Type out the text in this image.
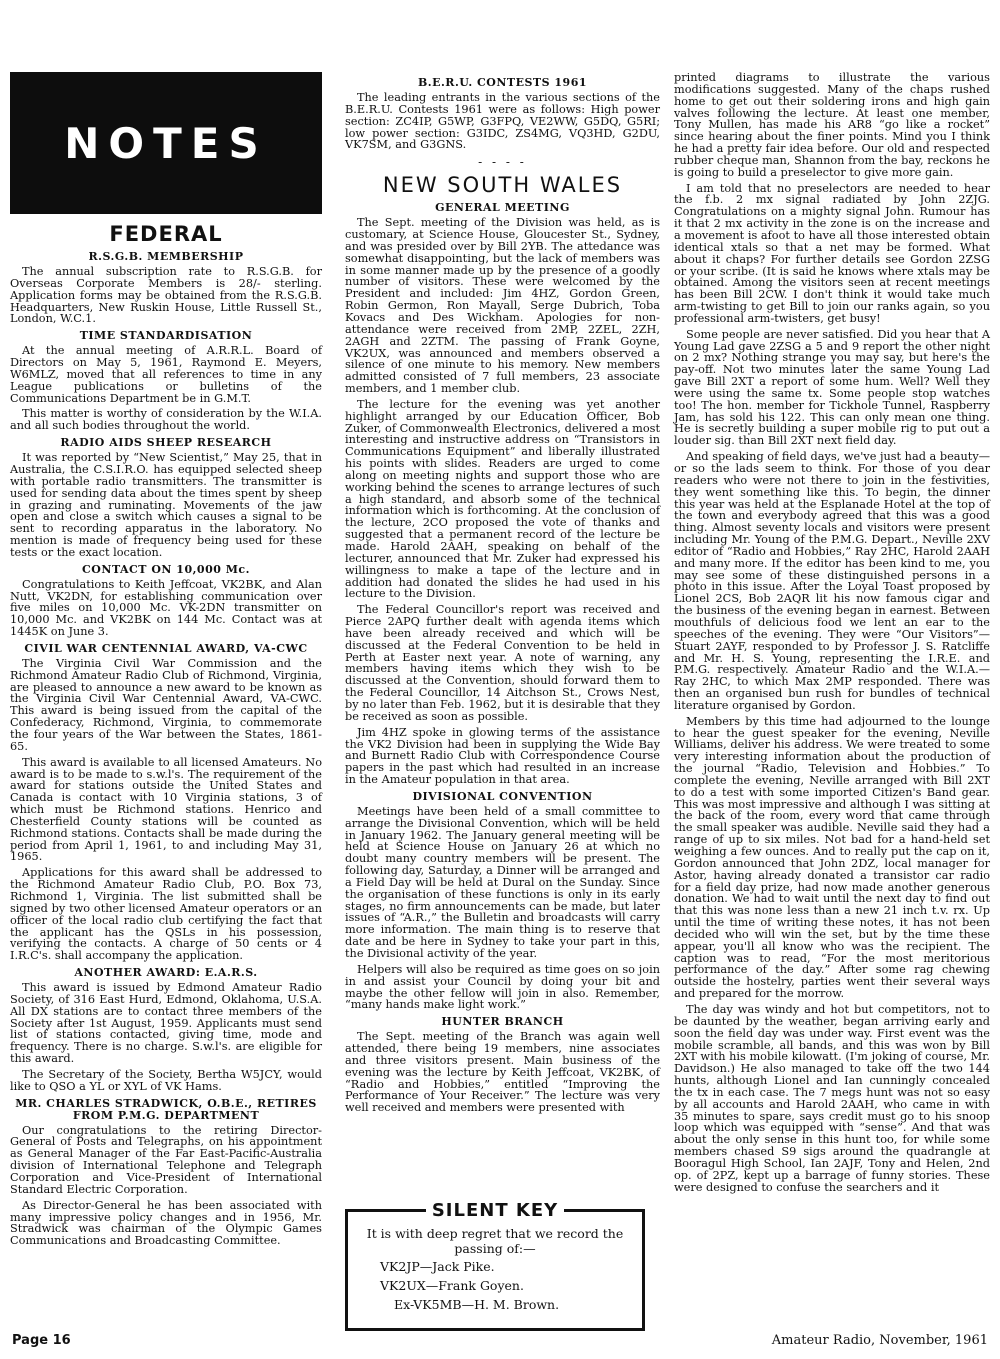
NOTES
FEDERAL
R.S.G.B. MEMBERSHIP

The annual subscription rate to R.S.G.B. for Overseas Corporate Members is 28/- sterling. Application forms may be obtained from the R.S.G.B. Headquarters, New Ruskin House, Little Russell St., London, W.C.1.

TIME STANDARDISATION

At the annual meeting of A.R.R.L. Board of Directors on May 5, 1961, Raymond E. Meyers, W6MLZ, moved that all references to time in any League publications or bulletins of the Communications Department be in G.M.T.

This matter is worthy of consideration by the W.I.A. and all such bodies throughout the world.

RADIO AIDS SHEEP RESEARCH

It was reported by “New Scientist,” May 25, that in Australia, the C.S.I.R.O. has equipped selected sheep with portable radio transmitters. The transmitter is used for sending data about the times spent by sheep in grazing and ruminating. Movements of the jaw open and close a switch which causes a signal to be sent to recording apparatus in the laboratory. No mention is made of frequency being used for these tests or the exact location.

CONTACT ON 10,000 Mc.

Congratulations to Keith Jeffcoat, VK2BK, and Alan Nutt, VK2DN, for establishing communication over five miles on 10,000 Mc. VK-2DN transmitter on 10,000 Mc. and VK2BK on 144 Mc. Contact was at 1445K on June 3.

CIVIL WAR CENTENNIAL AWARD, VA-CWC

The Virginia Civil War Commission and the Richmond Amateur Radio Club of Richmond, Virginia, are pleased to announce a new award to be known as the Virginia Civil War Centennial Award, VA-CWC. This award is being issued from the capital of the Confederacy, Richmond, Virginia, to commemorate the four years of the War between the States, 1861-65.

This award is available to all licensed Amateurs. No award is to be made to s.w.l's. The requirement of the award for stations outside the United States and Canada is contact with 10 Virginia stations, 3 of which must be Richmond stations. Henrico and Chesterfield County stations will be counted as Richmond stations. Contacts shall be made during the period from April 1, 1961, to and including May 31, 1965.

Applications for this award shall be addressed to the Richmond Amateur Radio Club, P.O. Box 73, Richmond 1, Virginia. The list submitted shall be signed by two other licensed Amateur operators or an officer of the local radio club certifying the fact that the applicant has the QSLs in his possession, verifying the contacts. A charge of 50 cents or 4 I.R.C's. shall accompany the application.

ANOTHER AWARD: E.A.R.S.

This award is issued by Edmond Amateur Radio Society, of 316 East Hurd, Edmond, Oklahoma, U.S.A. All DX stations are to contact three members of the Society after 1st August, 1959. Applicants must send list of stations contacted, giving time, mode and frequency. There is no charge. S.w.l's. are eligible for this award.

The Secretary of the Society, Bertha W5JCY, would like to QSO a YL or XYL of VK Hams.

MR. CHARLES STRADWICK, O.B.E., RETIRES FROM P.M.G. DEPARTMENT

Our congratulations to the retiring Director-General of Posts and Telegraphs, on his appointment as General Manager of the Far East-Pacific-Australia division of International Telephone and Telegraph Corporation and Vice-President of International Standard Electric Corporation.

As Director-General he has been associated with many impressive policy changes and in 1956, Mr. Stradwick was chairman of the Olympic Games Communications and Broadcasting Committee.

B.E.R.U. CONTESTS 1961

The leading entrants in the various sections of the B.E.R.U. Contests 1961 were as follows: High power section: ZC4IP, G5WP, G3FPQ, VE2WW, G5DQ, G5RI; low power section: G3IDC, ZS4MG, VQ3HD, G2DU, VK7SM, and G3GNS.

- - - -
NEW SOUTH WALES
GENERAL MEETING

The Sept. meeting of the Division was held, as is customary, at Science House, Gloucester St., Sydney, and was presided over by Bill 2YB. The attedance was somewhat disappointing, but the lack of members was in some manner made up by the presence of a goodly number of visitors. These were welcomed by the President and included: Jim 4HZ, Gordon Green, Robin Germon, Ron Mayall, Serge Dubrich, Toba Kovacs and Des Wickham. Apologies for non-attendance were received from 2MP, 2ZEL, 2ZH, 2AGH and 2ZTM. The passing of Frank Goyne, VK2UX, was announced and members observed a silence of one minute to his memory. New members admitted consisted of 7 full members, 23 associate members, and 1 member club.

The lecture for the evening was yet another highlight arranged by our Education Officer, Bob Zuker, of Commonwealth Electronics, delivered a most interesting and instructive address on “Transistors in Communications Equipment” and liberally illustrated his points with slides. Readers are urged to come along on meeting nights and support those who are working behind the scenes to arrange lectures of such a high standard, and absorb some of the technical information which is forthcoming. At the conclusion of the lecture, 2CO proposed the vote of thanks and suggested that a permanent record of the lecture be made. Harold 2AAH, speaking on behalf of the lecturer, announced that Mr. Zuker had expressed his willingness to make a tape of the lecture and in addition had donated the slides he had used in his lecture to the Division.

The Federal Councillor's report was received and Pierce 2APQ further dealt with agenda items which have been already received and which will be discussed at the Federal Convention to be held in Perth at Easter next year. A note of warning, any members having items which they wish to be discussed at the Convention, should forward them to the Federal Councillor, 14 Aitchson St., Crows Nest, by no later than Feb. 1962, but it is desirable that they be received as soon as possible.

Jim 4HZ spoke in glowing terms of the assistance the VK2 Division had been in supplying the Wide Bay and Burnett Radio Club with Correspondence Course papers in the past which had resulted in an increase in the Amateur population in that area.

DIVISIONAL CONVENTION

Meetings have been held of a small committee to arrange the Divisional Convention, which will be held in January 1962. The January general meeting will be held at Science House on January 26 at which no doubt many country members will be present. The following day, Saturday, a Dinner will be arranged and a Field Day will be held at Dural on the Sunday. Since the organisation of these functions is only in its early stages, no firm announcements can be made, but later issues of “A.R.,” the Bulletin and broadcasts will carry more information. The main thing is to reserve that date and be here in Sydney to take your part in this, the Divisional activity of the year.

Helpers will also be required as time goes on so join in and assist your Council by doing your bit and maybe the other fellow will join in also. Remember, “many hands make light work.”

HUNTER BRANCH

The Sept. meeting of the Branch was again well attended, there being 19 members, nine associates and three visitors present. Main business of the evening was the lecture by Keith Jeffcoat, VK2BK, of “Radio and Hobbies,” entitled “Improving the Performance of Your Receiver.” The lecture was very well received and members were presented with

SILENT KEY

It is with deep regret that we record the passing of:—

VK2JP—Jack Pike.

VK2UX—Frank Goyen.

Ex-VK5MB—H. M. Brown.

printed diagrams to illustrate the various modifications suggested. Many of the chaps rushed home to get out their soldering irons and high gain valves following the lecture. At least one member, Tony Mullen, has made his AR8 “go like a rocket” since hearing about the finer points. Mind you I think he had a pretty fair idea before. Our old and respected rubber cheque man, Shannon from the bay, reckons he is going to build a preselector to give more gain.

I am told that no preselectors are needed to hear the f.b. 2 mx signal radiated by John 2ZJG. Congratulations on a mighty signal John. Rumour has it that 2 mx activity in the zone is on the increase and a movement is afoot to have all those interested obtain identical xtals so that a net may be formed. What about it chaps? For further details see Gordon 2ZSG or your scribe. (It is said he knows where xtals may be obtained. Among the visitors seen at recent meetings has been Bill 2CW. I don't think it would take much arm-twisting to get Bill to join our ranks again, so you professional arm-twisters, get busy!

Some people are never satisfied. Did you hear that A Young Lad gave 2ZSG a 5 and 9 report the other night on 2 mx? Nothing strange you may say, but here's the pay-off. Not two minutes later the same Young Lad gave Bill 2XT a report of some hum. Well? Well they were using the same tx. Some people stop watches too! The hon. member for Tickhole Tunnel, Raspberry Jam, has sold his 122. This can only mean one thing. He is secretly building a super mobile rig to put out a louder sig. than Bill 2XT next field day.

And speaking of field days, we've just had a beauty—or so the lads seem to think. For those of you dear readers who were not there to join in the festivities, they went something like this. To begin, the dinner this year was held at the Esplanade Hotel at the top of the town and everybody agreed that this was a good thing. Almost seventy locals and visitors were present including Mr. Young of the P.M.G. Depart., Neville 2XV editor of “Radio and Hobbies,” Ray 2HC, Harold 2AAH and many more. If the editor has been kind to me, you may see some of these distinguished persons in a photo in this issue. After the Loyal Toast proposed by Lionel 2CS, Bob 2AQR lit his now famous cigar and the business of the evening began in earnest. Between mouthfuls of delicious food we lent an ear to the speeches of the evening. They were “Our Visitors”—Stuart 2AYF, responded to by Professor J. S. Ratcliffe and Mr. H. S. Young, representing the I.R.E. and P.M.G. respectively. Amateur Radio and the W.I.A.—Ray 2HC, to which Max 2MP responded. There was then an organised bun rush for bundles of technical literature organised by Gordon.

Members by this time had adjourned to the lounge to hear the guest speaker for the evening, Neville Williams, deliver his address. We were treated to some very interesting information about the production of the journal “Radio, Television and Hobbies.” To complete the evening, Neville arranged with Bill 2XT to do a test with some imported Citizen's Band gear. This was most impressive and although I was sitting at the back of the room, every word that came through the small speaker was audible. Neville said they had a range of up to six miles. Not bad for a hand-held set weighing a few ounces. And to really put the cap on it, Gordon announced that John 2DZ, local manager for Astor, having already donated a transistor car radio for a field day prize, had now made another generous donation. We had to wait until the next day to find out that this was none less than a new 21 inch t.v. rx. Up until the time of writing these notes, it has not been decided who will win the set, but by the time these appear, you'll all know who was the recipient. The caption was to read, “For the most meritorious performance of the day.” After some rag chewing outside the hostelry, parties went their several ways and prepared for the morrow.

The day was windy and hot but competitors, not to be daunted by the weather, began arriving early and soon the field day was under way. First event was the mobile scramble, all bands, and this was won by Bill 2XT with his mobile kilowatt. (I'm joking of course, Mr. Davidson.) He also managed to take off the two 144 hunts, although Lionel and Ian cunningly concealed the tx in each case. The 7 megs hunt was not so easy by all accounts and Harold 2AAH, who came in with 35 minutes to spare, says credit must go to his snoop loop which was equipped with “sense”. And that was about the only sense in this hunt too, for while some members chased S9 sigs around the quadrangle at Booragul High School, Ian 2AJF, Tony and Helen, 2nd op. of 2PZ, kept up a barrage of funny stories. These were designed to confuse the searchers and it

Page 16	Amateur Radio, November, 1961
